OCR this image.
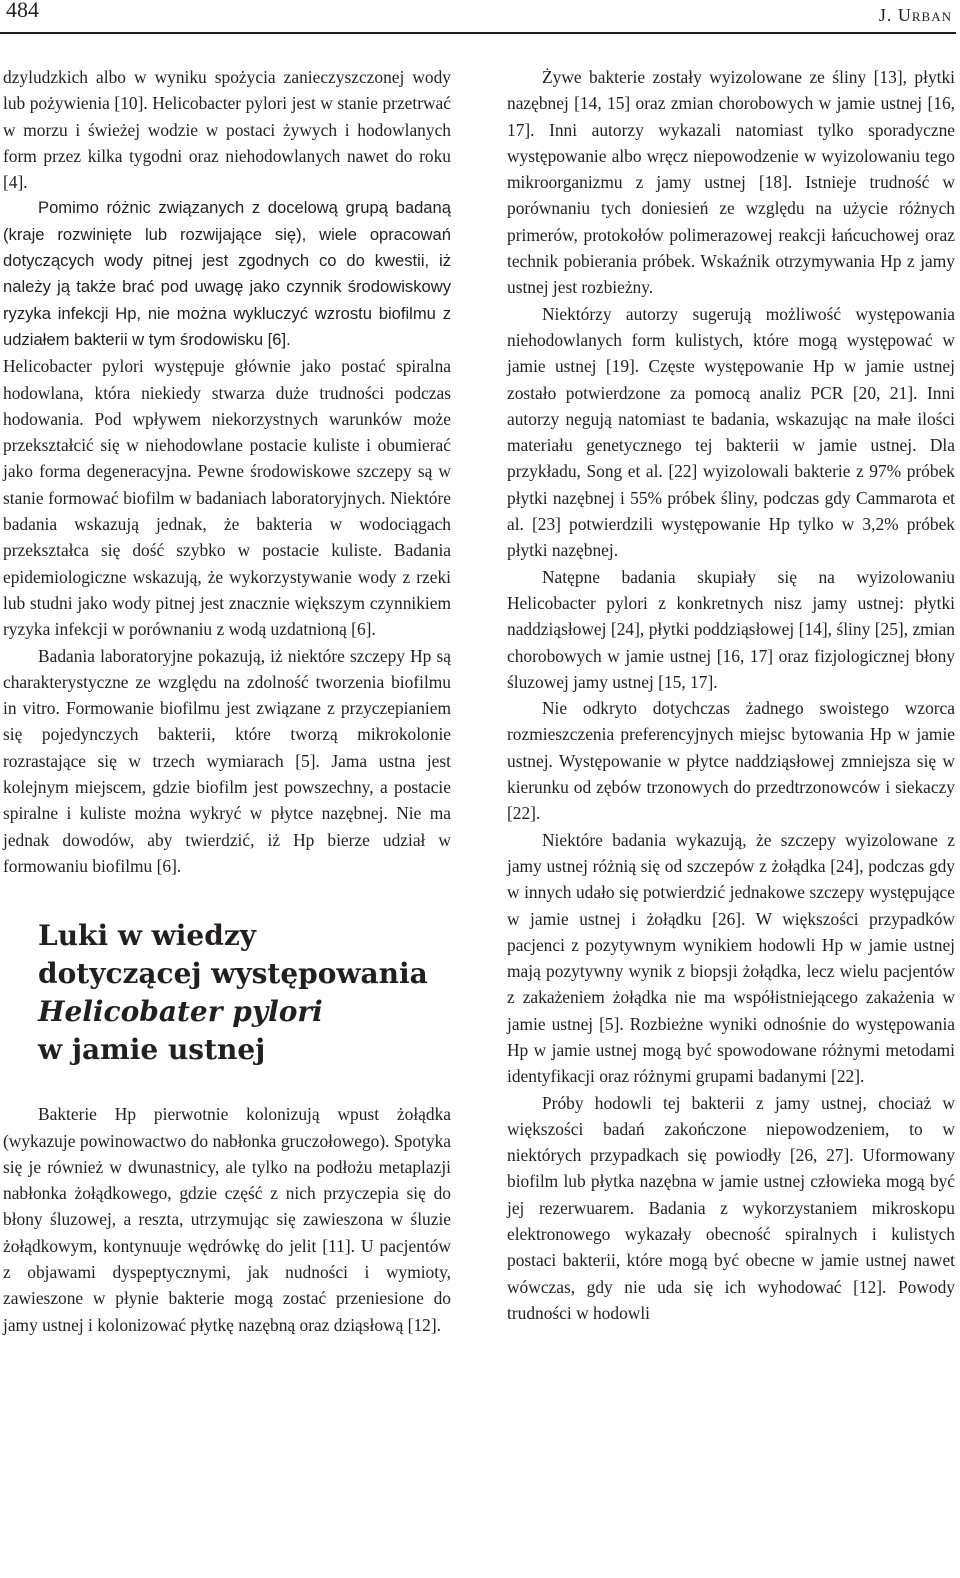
484	J. Urban

dzyludzkich albo w wyniku spożycia zanieczyszczonej wody lub pożywienia [10]. Helicobacter pylori jest w stanie przetrwać w morzu i świeżej wodzie w postaci żywych i hodowlanych form przez kilka tygodni oraz niehodowlanych nawet do roku [4].

Pomimo różnic związanych z docelową grupą badaną (kraje rozwinięte lub rozwijające się), wiele opracowań dotyczących wody pitnej jest zgodnych co do kwestii, iż należy ją także brać pod uwagę jako czynnik środowiskowy ryzyka infekcji Hp, nie można wykluczyć wzrostu biofilmu z udziałem bakterii w tym środowisku [6].

Helicobacter pylori występuje głównie jako postać spiralna hodowlana, która niekiedy stwarza duże trudności podczas hodowania. Pod wpływem niekorzystnych warunków może przekształcić się w niehodowlane postacie kuliste i obumierać jako forma degeneracyjna. Pewne środowiskowe szczepy są w stanie formować biofilm w badaniach laboratoryjnych. Niektóre badania wskazują jednak, że bakteria w wodociągach przekształca się dość szybko w postacie kuliste. Badania epidemiologiczne wskazują, że wykorzystywanie wody z rzeki lub studni jako wody pitnej jest znacznie większym czynnikiem ryzyka infekcji w porównaniu z wodą uzdatnioną [6].

Badania laboratoryjne pokazują, iż niektóre szczepy Hp są charakterystyczne ze względu na zdolność tworzenia biofilmu in vitro. Formowanie biofilmu jest związane z przyczepianiem się pojedynczych bakterii, które tworzą mikrokolonie rozrastające się w trzech wymiarach [5]. Jama ustna jest kolejnym miejscem, gdzie biofilm jest powszechny, a postacie spiralne i kuliste można wykryć w płytce nazębnej. Nie ma jednak dowodów, aby twierdzić, iż Hp bierze udział w formowaniu biofilmu [6].

Luki w wiedzy
dotyczącej występowania
Helicobater pylori
w jamie ustnej

Bakterie Hp pierwotnie kolonizują wpust żołądka (wykazuje powinowactwo do nabłonka gruczołowego). Spotyka się je również w dwunastnicy, ale tylko na podłożu metaplazji nabłonka żołądkowego, gdzie część z nich przyczepia się do błony śluzowej, a reszta, utrzymując się zawieszona w śluzie żołądkowym, kontynuuje wędrówkę do jelit [11]. U pacjentów z objawami dyspeptycznymi, jak nudności i wymioty, zawieszone w płynie bakterie mogą zostać przeniesione do jamy ustnej i kolonizować płytkę nazębną oraz dziąsłową [12].

Żywe bakterie zostały wyizolowane ze śliny [13], płytki nazębnej [14, 15] oraz zmian chorobowych w jamie ustnej [16, 17]. Inni autorzy wykazali natomiast tylko sporadyczne występowanie albo wręcz niepowodzenie w wyizolowaniu tego mikroorganizmu z jamy ustnej [18]. Istnieje trudność w porównaniu tych doniesień ze względu na użycie różnych primerów, protokołów polimerazowej reakcji łańcuchowej oraz technik pobierania próbek. Wskaźnik otrzymywania Hp z jamy ustnej jest rozbieżny.

Niektórzy autorzy sugerują możliwość występowania niehodowlanych form kulistych, które mogą występować w jamie ustnej [19]. Częste występowanie Hp w jamie ustnej zostało potwierdzone za pomocą analiz PCR [20, 21]. Inni autorzy negują natomiast te badania, wskazując na małe ilości materiału genetycznego tej bakterii w jamie ustnej. Dla przykładu, Song et al. [22] wyizolowali bakterie z 97% próbek płytki nazębnej i 55% próbek śliny, podczas gdy Cammarota et al. [23] potwierdzili występowanie Hp tylko w 3,2% próbek płytki nazębnej.

Natępne badania skupiały się na wyizolowaniu Helicobacter pylori z konkretnych nisz jamy ustnej: płytki naddziąsłowej [24], płytki poddziąsłowej [14], śliny [25], zmian chorobowych w jamie ustnej [16, 17] oraz fizjologicznej błony śluzowej jamy ustnej [15, 17].

Nie odkryto dotychczas żadnego swoistego wzorca rozmieszczenia preferencyjnych miejsc bytowania Hp w jamie ustnej. Występowanie w płytce naddziąsłowej zmniejsza się w kierunku od zębów trzonowych do przedtrzonowców i siekaczy [22].

Niektóre badania wykazują, że szczepy wyizolowane z jamy ustnej różnią się od szczepów z żołądka [24], podczas gdy w innych udało się potwierdzić jednakowe szczepy występujące w jamie ustnej i żołądku [26]. W większości przypadków pacjenci z pozytywnym wynikiem hodowli Hp w jamie ustnej mają pozytywny wynik z biopsji żołądka, lecz wielu pacjentów z zakażeniem żołądka nie ma współistniejącego zakażenia w jamie ustnej [5]. Rozbieżne wyniki odnośnie do występowania Hp w jamie ustnej mogą być spowodowane różnymi metodami identyfikacji oraz różnymi grupami badanymi [22].

Próby hodowli tej bakterii z jamy ustnej, chociaż w większości badań zakończone niepowodzeniem, to w niektórych przypadkach się powiodły [26, 27]. Uformowany biofilm lub płytka nazębna w jamie ustnej człowieka mogą być jej rezerwuarem. Badania z wykorzystaniem mikroskopu elektronowego wykazały obecność spiralnych i kulistych postaci bakterii, które mogą być obecne w jamie ustnej nawet wówczas, gdy nie uda się ich wyhodować [12]. Powody trudności w hodowli
